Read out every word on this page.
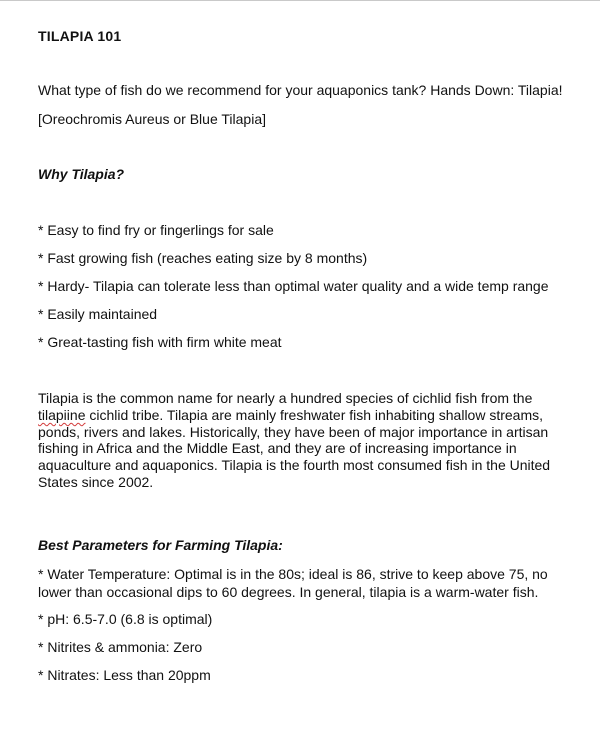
TILAPIA 101
What type of fish do we recommend for your aquaponics tank? Hands Down: Tilapia!
[Oreochromis Aureus or Blue Tilapia]
Why Tilapia?
* Easy to find fry or fingerlings for sale
* Fast growing fish (reaches eating size by 8 months)
* Hardy- Tilapia can tolerate less than optimal water quality and a wide temp range
* Easily maintained
* Great-tasting fish with firm white meat
Tilapia is the common name for nearly a hundred species of cichlid fish from the tilapiine cichlid tribe. Tilapia are mainly freshwater fish inhabiting shallow streams, ponds, rivers and lakes. Historically, they have been of major importance in artisan fishing in Africa and the Middle East, and they are of increasing importance in aquaculture and aquaponics. Tilapia is the fourth most consumed fish in the United States since 2002.
Best Parameters for Farming Tilapia:
* Water Temperature: Optimal is in the 80s; ideal is 86, strive to keep above 75, no lower than occasional dips to 60 degrees. In general, tilapia is a warm-water fish.
* pH: 6.5-7.0 (6.8 is optimal)
* Nitrites & ammonia: Zero
* Nitrates: Less than 20ppm
